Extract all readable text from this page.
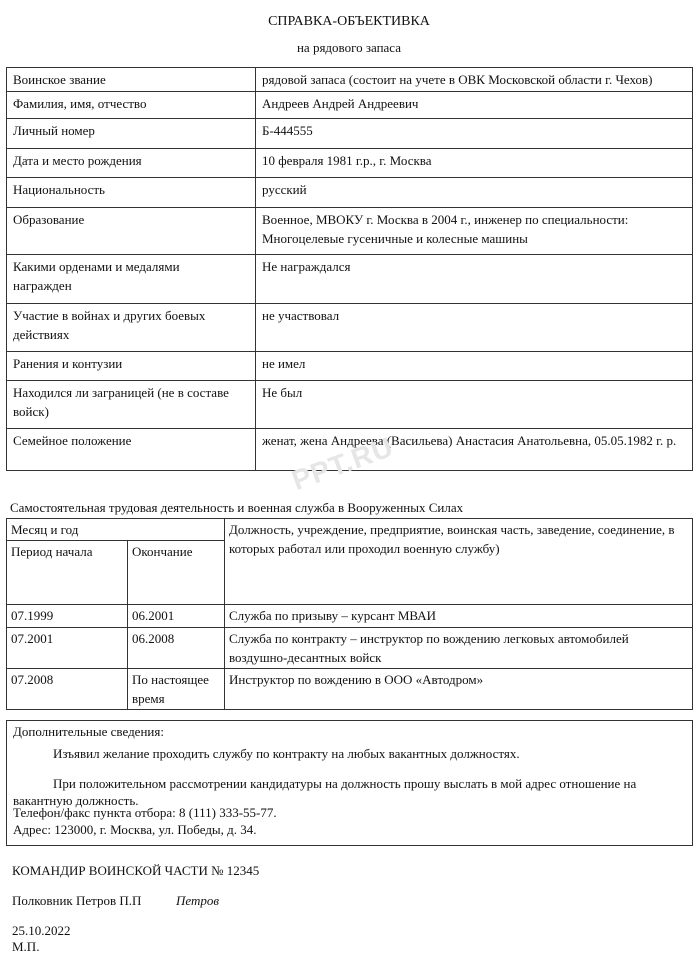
СПРАВКА-ОБЪЕКТИВКА
на рядового запаса
Воинское звание	рядовой запаса (состоит на учете в ОВК Московской области г. Чехов)
Фамилия, имя, отчество	Андреев Андрей Андреевич
Личный номер	Б-444555
Дата и место рождения	10 февраля 1981 г.р., г. Москва
Национальность	русский
Образование	Военное, МВОКУ г. Москва в 2004 г., инженер по специальности:
Многоцелевые гусеничные и колесные машины

Какими орденами и медалями
награжден	Не награждался

Участие в войнах и других боевых
действиях	не участвовал
Ранения и контузии	не имел

Находился ли заграницей (не в составе
войск)	Не был
Семейное положение	женат, жена Андреева (Васильева) Анастасия Анатольевна, 05.05.1982 г. р.
PPT.RU
Самостоятельная трудовая деятельность и военная служба в Вооруженных Силах
Месяц и год		Должность, учреждение, предприятие, воинская часть, заведение, соединение, в которых работал или проходил военную службу)
Период начала	Окончание	
07.1999	06.2001	Служба по призыву – курсант МВАИ
07.2001	06.2008	Служба по контракту – инструктор по вождению легковых автомобилей воздушно-десантных войск
07.2008	По настоящее время	Инструктор по вождению в ООО «Автодром»
Дополнительные сведения:

Изъявил желание проходить службу по контракту на любых вакантных должностях.

При положительном рассмотрении кандидатуры на должность прошу выслать в мой адрес отношение на вакантную должность.

Телефон/факс пункта отбора: 8 (111) 333-55-77.

Адрес: 123000, г. Москва, ул. Победы, д. 34.

КОМАНДИР ВОИНСКОЙ ЧАСТИ № 12345
Полковник Петров П.П	Петров
25.10.2022
М.П.
